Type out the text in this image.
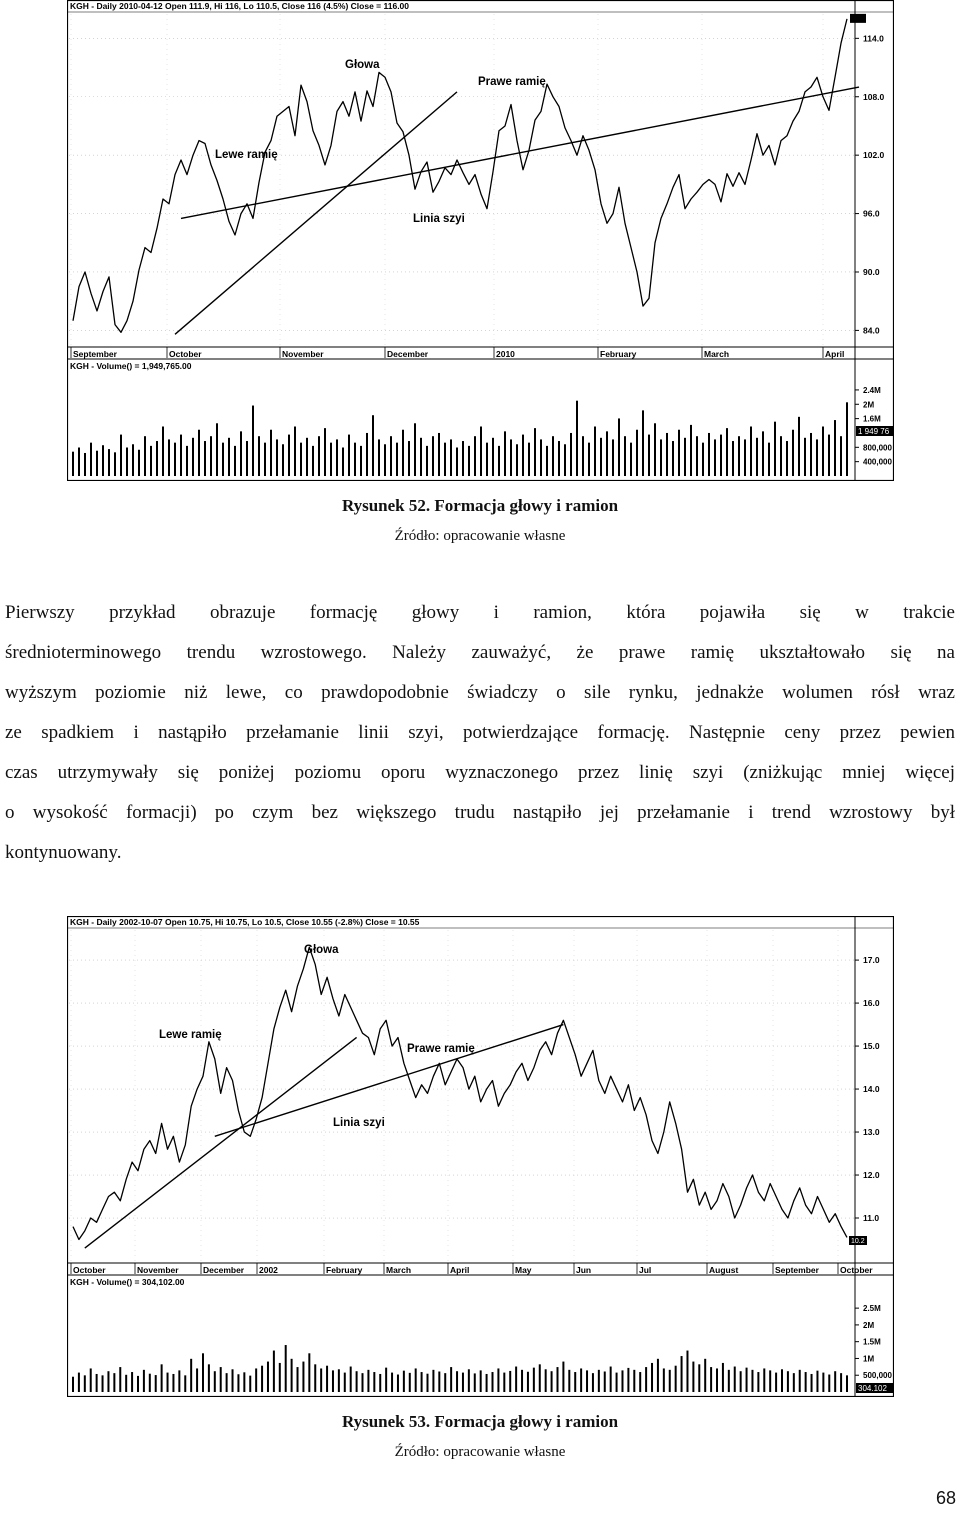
KGH - Daily 2010-04-12 Open 111.9, Hi 116, Lo 110.5, Close 116 (4.5%) Close = 116.00
KGH - Volume() = 1,949,765.00
114.0
108.0
102.0
96.0
90.0
84.0
September	October	November	December	2010	February	March	April
Głowa
Lewe ramię
Prawe ramię
Linia szyi
2.4M
2M
1.6M
800,000
400,000
1 949 76
Rysunek 52. Formacja głowy i ramion
Źródło: opracowanie własne

Pierwszy przykład obrazuje formację głowy i ramion, która pojawiła się w trakcie
średnioterminowego trendu wzrostowego. Należy zauważyć, że prawe ramię ukształtowało się na
wyższym poziomie niż lewe, co prawdopodobnie świadczy o sile rynku, jednakże wolumen rósł wraz
ze spadkiem i nastąpiło przełamanie linii szyi, potwierdzające formację. Następnie ceny przez pewien
czas utrzymywały się poniżej poziomu oporu wyznaczonego przez linię szyi (zniżkując mniej więcej
o wysokość formacji) po czym bez większego trudu nastąpiło jej przełamanie i trend wzrostowy był
kontynuowany.

KGH - Daily 2002-10-07 Open 10.75, Hi 10.75, Lo 10.5, Close 10.55 (-2.8%) Close = 10.55
KGH - Volume() = 304,102.00
17.0
16.0
15.0
14.0
13.0
12.0
11.0
October	November	December 2002	February	March	April	May	Jun	Jul	August	September October
Głowa
Lewe ramię
Prawe ramię
Linia szyi
10.2
2.5M
2M
1.5M
1M
500,000
304.102
Rysunek 53. Formacja głowy i ramion
Źródło: opracowanie własne
68
